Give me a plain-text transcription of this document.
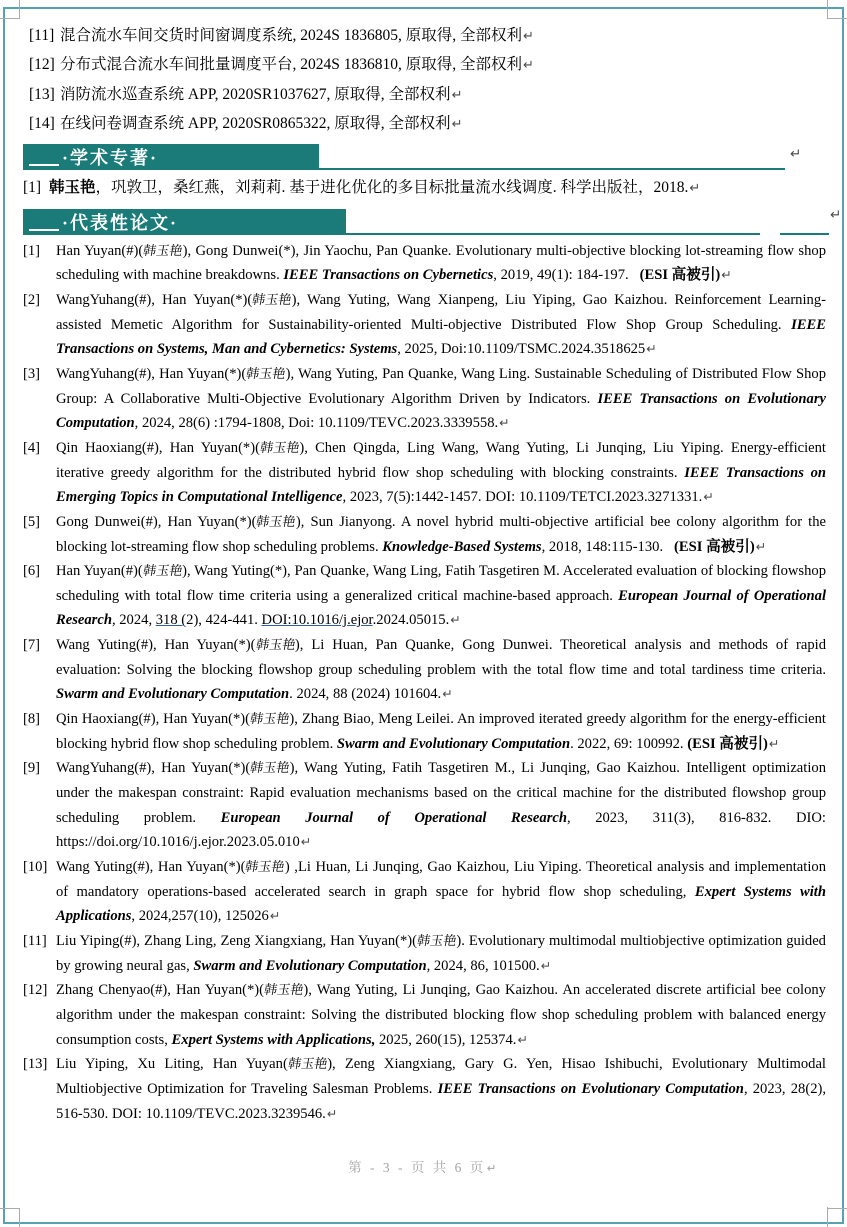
[11] 混合流水车间交货时间窗调度系统, 2024S 1836805, 原取得, 全部权利↵
[12] 分布式混合流水车间批量调度平台, 2024S 1836810, 原取得, 全部权利↵
[13] 消防流水巡查系统 APP, 2020SR1037627, 原取得, 全部权利↵
[14] 在线问卷调查系统 APP, 2020SR0865322, 原取得, 全部权利↵
·学术专著·	↵
[1] 韩玉艳，巩敦卫，桑红燕，刘莉莉. 基于进化优化的多目标批量流水线调度. 科学出版社，2018.↵
·代表性论文·	↵
[1] Han Yuyan(#)(韩玉艳), Gong Dunwei(*), Jin Yaochu, Pan Quanke. Evolutionary multi-objective blocking lot-streaming flow shop scheduling with machine breakdowns. IEEE Transactions on Cybernetics, 2019, 49(1): 184-197.   (ESI 高被引)↵
[2] WangYuhang(#), Han Yuyan(*)(韩玉艳), Wang Yuting, Wang Xianpeng, Liu Yiping, Gao Kaizhou. Reinforcement Learning-assisted Memetic Algorithm for Sustainability-oriented Multi-objective Distributed Flow Shop Group Scheduling. IEEE Transactions on Systems, Man and Cybernetics: Systems, 2025, Doi:10.1109/TSMC.2024.3518625↵
[3] WangYuhang(#), Han Yuyan(*)(韩玉艳), Wang Yuting, Pan Quanke, Wang Ling. Sustainable Scheduling of Distributed Flow Shop Group: A Collaborative Multi-Objective Evolutionary Algorithm Driven by Indicators. IEEE Transactions on Evolutionary Computation, 2024, 28(6) :1794-1808, Doi: 10.1109/TEVC.2023.3339558.↵
[4] Qin Haoxiang(#), Han Yuyan(*)(韩玉艳), Chen Qingda, Ling Wang, Wang Yuting, Li Junqing, Liu Yiping. Energy-efficient iterative greedy algorithm for the distributed hybrid flow shop scheduling with blocking constraints. IEEE Transactions on Emerging Topics in Computational Intelligence, 2023, 7(5):1442-1457. DOI: 10.1109/TETCI.2023.3271331.↵
[5] Gong Dunwei(#), Han Yuyan(*)(韩玉艳), Sun Jianyong. A novel hybrid multi-objective artificial bee colony algorithm for the blocking lot-streaming flow shop scheduling problems. Knowledge-Based Systems, 2018, 148:115-130.   (ESI 高被引)↵
[6] Han Yuyan(#)(韩玉艳), Wang Yuting(*), Pan Quanke, Wang Ling, Fatih Tasgetiren M. Accelerated evaluation of blocking flowshop scheduling with total flow time criteria using a generalized critical machine-based approach. European Journal of Operational Research, 2024, 318 (2), 424-441. DOI:10.1016/j.ejor.2024.05015.↵
[7] Wang Yuting(#), Han Yuyan(*)(韩玉艳), Li Huan, Pan Quanke, Gong Dunwei. Theoretical analysis and methods of rapid evaluation: Solving the blocking flowshop group scheduling problem with the total flow time and total tardiness time criteria. Swarm and Evolutionary Computation. 2024, 88 (2024) 101604.↵
[8] Qin Haoxiang(#), Han Yuyan(*)(韩玉艳), Zhang Biao, Meng Leilei. An improved iterated greedy algorithm for the energy-efficient blocking hybrid flow shop scheduling problem. Swarm and Evolutionary Computation. 2022, 69: 100992. (ESI 高被引)↵
[9] WangYuhang(#), Han Yuyan(*)(韩玉艳), Wang Yuting, Fatih Tasgetiren M., Li Junqing, Gao Kaizhou. Intelligent optimization under the makespan constraint: Rapid evaluation mechanisms based on the critical machine for the distributed flowshop group scheduling problem. European Journal of Operational Research, 2023, 311(3), 816-832. DIO: https://doi.org/10.1016/j.ejor.2023.05.010↵
[10] Wang Yuting(#), Han Yuyan(*)(韩玉艳) ,Li Huan, Li Junqing, Gao Kaizhou, Liu Yiping. Theoretical analysis and implementation of mandatory operations-based accelerated search in graph space for hybrid flow shop scheduling, Expert Systems with Applications, 2024,257(10), 125026↵
[11] Liu Yiping(#), Zhang Ling, Zeng Xiangxiang, Han Yuyan(*)(韩玉艳). Evolutionary multimodal multiobjective optimization guided by growing neural gas, Swarm and Evolutionary Computation, 2024, 86, 101500.↵
[12] Zhang Chenyao(#), Han Yuyan(*)(韩玉艳), Wang Yuting, Li Junqing, Gao Kaizhou. An accelerated discrete artificial bee colony algorithm under the makespan constraint: Solving the distributed blocking flow shop scheduling problem with balanced energy consumption costs, Expert Systems with Applications, 2025, 260(15), 125374.↵
[13] Liu Yiping, Xu Liting, Han Yuyan(韩玉艳), Zeng Xiangxiang, Gary G. Yen, Hisao Ishibuchi, Evolutionary Multimodal Multiobjective Optimization for Traveling Salesman Problems. IEEE Transactions on Evolutionary Computation, 2023, 28(2), 516-530. DOI: 10.1109/TEVC.2023.3239546.↵
第 - 3 - 页 共 6 页↵
